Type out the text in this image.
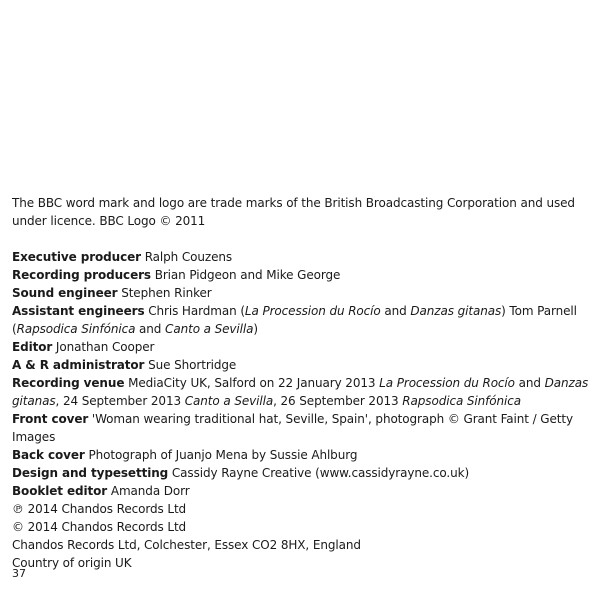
The BBC word mark and logo are trade marks of the British Broadcasting Corporation and used under licence. BBC Logo © 2011

Executive producer Ralph Couzens

Recording producers Brian Pidgeon and Mike George

Sound engineer Stephen Rinker

Assistant engineers Chris Hardman (La Procession du Rocío and Danzas gitanas) Tom Parnell (Rapsodica Sinfónica and Canto a Sevilla)

Editor Jonathan Cooper

A & R administrator Sue Shortridge

Recording venue MediaCity UK, Salford on 22 January 2013 La Procession du Rocío and Danzas gitanas, 24 September 2013 Canto a Sevilla, 26 September 2013 Rapsodica Sinfónica

Front cover 'Woman wearing traditional hat, Seville, Spain', photograph © Grant Faint / Getty Images

Back cover Photograph of Juanjo Mena by Sussie Ahlburg

Design and typesetting Cassidy Rayne Creative (www.cassidyrayne.co.uk)

Booklet editor Amanda Dorr

℗ 2014 Chandos Records Ltd

© 2014 Chandos Records Ltd

Chandos Records Ltd, Colchester, Essex CO2 8HX, England

Country of origin UK

37
